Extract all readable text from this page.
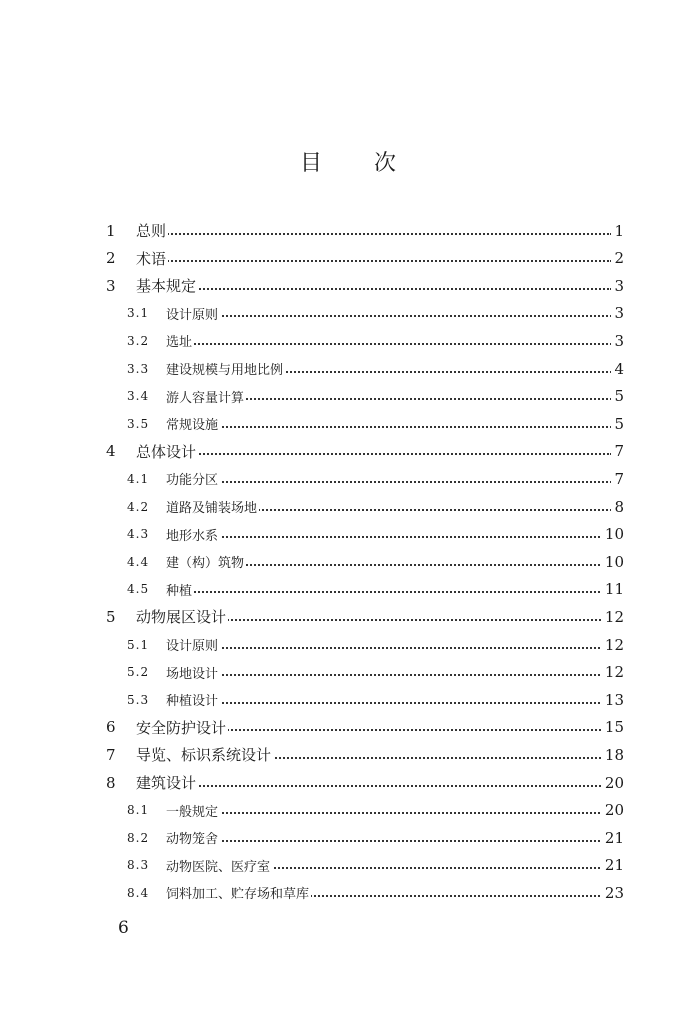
目 次
1 总则	1
2 术语	2
3 基本规定	3
3.1 设计原则	3
3.2 选址	3
3.3 建设规模与用地比例	4
3.4 游人容量计算	5
3.5 常规设施	5
4 总体设计	7
4.1 功能分区	7
4.2 道路及铺装场地	8
4.3 地形水系	10
4.4 建（构）筑物	10
4.5 种植	11
5 动物展区设计	12
5.1 设计原则	12
5.2 场地设计	12
5.3 种植设计	13
6 安全防护设计	15
7 导览、标识系统设计	18
8 建筑设计	20
8.1 一般规定	20
8.2 动物笼舍	21
8.3 动物医院、医疗室	21
8.4 饲料加工、贮存场和草库	23
6
